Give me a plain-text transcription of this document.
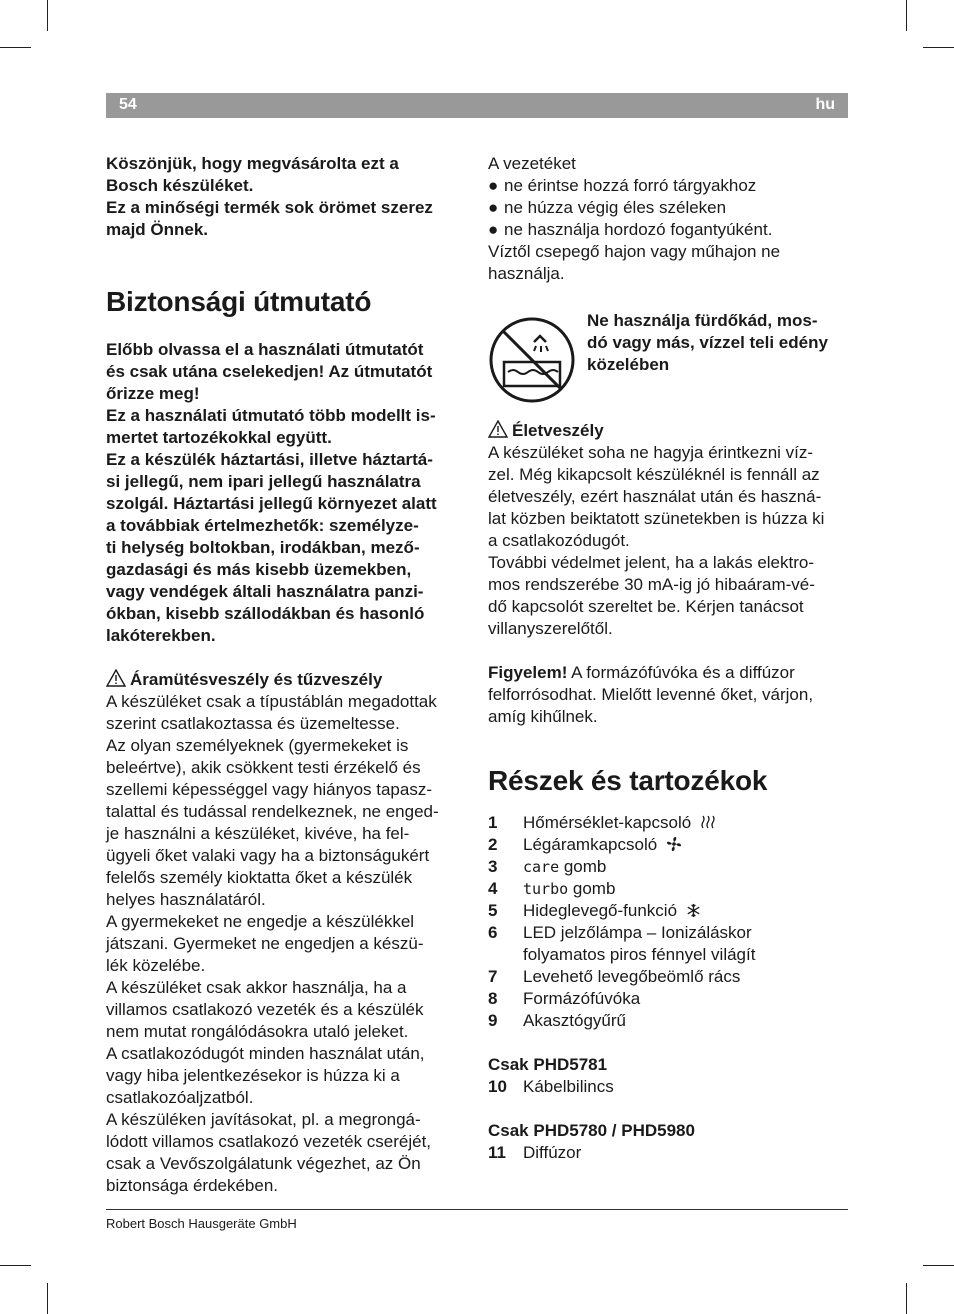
54	hu

Köszönjük, hogy megvásárolta ezt a

Bosch készüléket.

Ez a minőségi termék sok örömet szerez

majd Önnek.

Biztonsági útmutató

Előbb olvassa el a használati útmutatót

és csak utána cselekedjen! Az útmutatót

őrizze meg!

Ez a használati útmutató több modellt is-

mertet tartozékokkal együtt.

Ez a készülék háztartási, illetve háztartá-

si jellegű, nem ipari jellegű használatra

szolgál. Háztartási jellegű környezet alatt

a továbbiak értelmezhetők: személyze-

ti helység boltokban, irodákban, mező-

gazdasági és más kisebb üzemekben,

vagy vendégek általi használatra panzi-

ókban, kisebb szállodákban és hasonló

lakóterekben.

Áramütésveszély és tűzveszély

A készüléket csak a típustáblán megadottak

szerint csatlakoztassa és üzemeltesse.

Az olyan személyeknek (gyermekeket is

beleértve), akik csökkent testi érzékelő és

szellemi képességgel vagy hiányos tapasz-

talattal és tudással rendelkeznek, ne enged-

je használni a készüléket, kivéve, ha fel-

ügyeli őket valaki vagy ha a biztonságukért

felelős személy kioktatta őket a készülék

helyes használatáról.

A gyermekeket ne engedje a készülékkel

játszani. Gyermeket ne engedjen a készü-

lék közelébe.

A készüléket csak akkor használja, ha a

villamos csatlakozó vezeték és a készülék

nem mutat rongálódásokra utaló jeleket.

A csatlakozódugót minden használat után,

vagy hiba jelentkezésekor is húzza ki a

csatlakozóaljzatból.

A készüléken javításokat, pl. a megrongá-

lódott villamos csatlakozó vezeték cseréjét,

csak a Vevőszolgálatunk végezhet, az Ön

biztonsága érdekében.

A vezetéket

● ne érintse hozzá forró tárgyakhoz

● ne húzza végig éles széleken

● ne használja hordozó fogantyúként.

Víztől csepegő hajon vagy műhajon ne

használja.

Ne használja fürdőkád, mos-

dó vagy más, vízzel teli edény

közelében

Életveszély

A készüléket soha ne hagyja érintkezni víz-

zel. Még kikapcsolt készüléknél is fennáll az

életveszély, ezért használat után és haszná-

lat közben beiktatott szünetekben is húzza ki

a csatlakozódugót.

További védelmet jelent, ha a lakás elektro-

mos rendszerébe 30 mA-ig jó hibaáram-vé-

dő kapcsolót szereltet be. Kérjen tanácsot

villanyszerelőtől.

Figyelem! A formázófúvóka és a diffúzor

felforrósodhat. Mielőtt levenné őket, várjon,

amíg kihűlnek.

Részek és tartozékok
1 Hőmérséklet-kapcsoló
2 Légáramkapcsoló
3 care gomb
4 turbo gomb
5 Hideglevegő-funkció
6 LED jelzőlámpa – Ionizáláskor
folyamatos piros fénnyel világít
7 Levehető levegőbeömlő rács
8 Formázófúvóka
9 Akasztógyűrű

Csak PHD5781

10 Kábelbilincs

Csak PHD5780 / PHD5980

11 Diffúzor
Robert Bosch Hausgeräte GmbH
